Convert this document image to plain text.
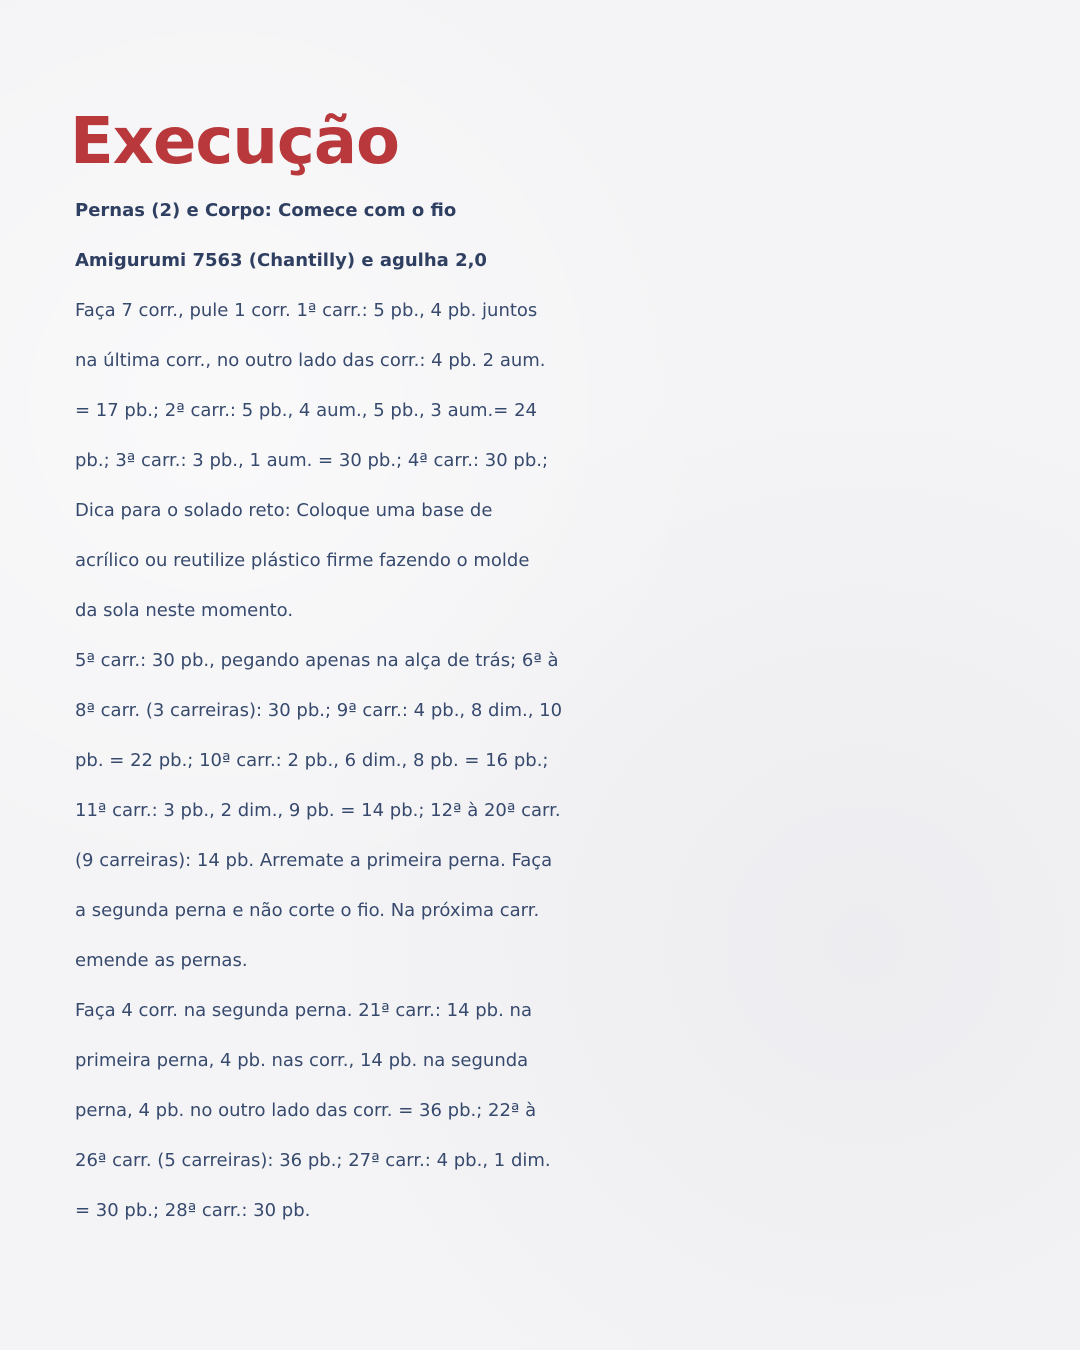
Execução
Pernas (2) e Corpo: Comece com o fio
Amigurumi 7563 (Chantilly) e agulha 2,0
Faça 7 corr., pule 1 corr. 1ª carr.: 5 pb., 4 pb. juntos
na última corr., no outro lado das corr.: 4 pb. 2 aum.
= 17 pb.; 2ª carr.: 5 pb., 4 aum., 5 pb., 3 aum.= 24
pb.; 3ª carr.: 3 pb., 1 aum. = 30 pb.; 4ª carr.: 30 pb.;
Dica para o solado reto: Coloque uma base de
acrílico ou reutilize plástico firme fazendo o molde
da sola neste momento.
5ª carr.: 30 pb., pegando apenas na alça de trás; 6ª à
8ª carr. (3 carreiras): 30 pb.; 9ª carr.: 4 pb., 8 dim., 10
pb. = 22 pb.; 10ª carr.: 2 pb., 6 dim., 8 pb. = 16 pb.;
11ª carr.: 3 pb., 2 dim., 9 pb. = 14 pb.; 12ª à 20ª carr.
(9 carreiras): 14 pb. Arremate a primeira perna. Faça
a segunda perna e não corte o fio. Na próxima carr.
emende as pernas.
Faça 4 corr. na segunda perna. 21ª carr.: 14 pb. na
primeira perna, 4 pb. nas corr., 14 pb. na segunda
perna, 4 pb. no outro lado das corr. = 36 pb.; 22ª à
26ª carr. (5 carreiras): 36 pb.; 27ª carr.: 4 pb., 1 dim.
= 30 pb.; 28ª carr.: 30 pb.
